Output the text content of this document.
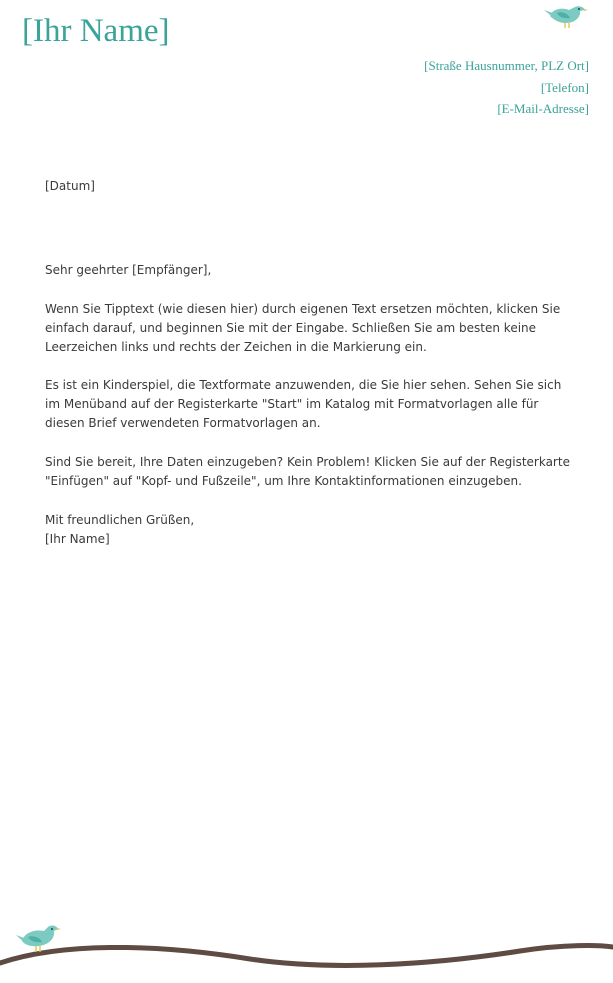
[Ihr Name]
[Straße Hausnummer, PLZ Ort]
[Telefon]
[E-Mail-Adresse]

[Datum]

Sehr geehrter [Empfänger],

Wenn Sie Tipptext (wie diesen hier) durch eigenen Text ersetzen möchten, klicken Sie einfach darauf, und beginnen Sie mit der Eingabe. Schließen Sie am besten keine Leerzeichen links und rechts der Zeichen in die Markierung ein.

Es ist ein Kinderspiel, die Textformate anzuwenden, die Sie hier sehen. Sehen Sie sich im Menüband auf der Registerkarte "Start" im Katalog mit Formatvorlagen alle für diesen Brief verwendeten Formatvorlagen an.

Sind Sie bereit, Ihre Daten einzugeben? Kein Problem! Klicken Sie auf der Registerkarte "Einfügen" auf "Kopf- und Fußzeile", um Ihre Kontaktinformationen einzugeben.

Mit freundlichen Grüßen,

[Ihr Name]
